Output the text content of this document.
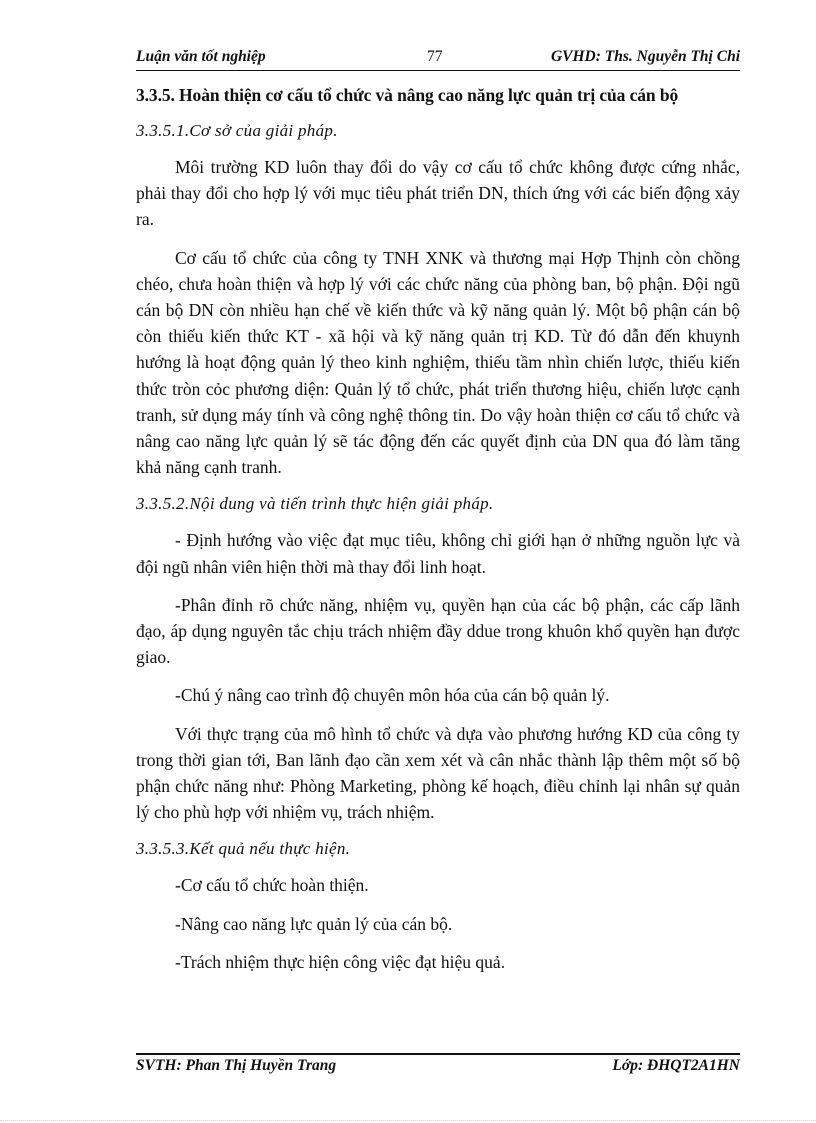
Luận văn tốt nghiệp	77	GVHD: Ths. Nguyễn Thị Chi
3.3.5. Hoàn thiện cơ cấu tổ chức và nâng cao năng lực quản trị của cán bộ

3.3.5.1.Cơ sở của giải pháp.

Môi trường KD luôn thay đổi do vậy cơ cấu tổ chức không được cứng nhắc, phải thay đổi cho hợp lý với mục tiêu phát triển DN, thích ứng với các biến động xảy ra.

Cơ cấu tổ chức của công ty TNH XNK và thương mại Hợp Thịnh còn chồng chéo, chưa hoàn thiện và hợp lý với các chức năng của phòng ban, bộ phận. Đội ngũ cán bộ DN còn nhiều hạn chế về kiến thức và kỹ năng quản lý. Một bộ phận cán bộ còn thiếu kiến thức KT - xã hội và kỹ năng quản trị KD. Từ đó dẫn đến khuynh hướng là hoạt động quản lý theo kinh nghiệm, thiếu tầm nhìn chiến lược, thiếu kiến thức tròn cỏc phương diện: Quản lý tổ chức, phát triển thương hiệu, chiến lược cạnh tranh, sử dụng máy tính và công nghệ thông tin. Do vậy hoàn thiện cơ cấu tổ chức và nâng cao năng lực quản lý sẽ tác động đến các quyết định của DN qua đó làm tăng khả năng cạnh tranh.

3.3.5.2.Nội dung và tiến trình thực hiện giải pháp.

- Định hướng vào việc đạt mục tiêu, không chỉ giới hạn ở những nguồn lực và đội ngũ nhân viên hiện thời mà thay đổi linh hoạt.

-Phân đỉnh rõ chức năng, nhiệm vụ, quyền hạn của các bộ phận, các cấp lãnh đạo, áp dụng nguyên tắc chịu trách nhiệm đầy ddue trong khuôn khổ quyền hạn được giao.

-Chú ý nâng cao trình độ chuyên môn hóa của cán bộ quản lý.

Với thực trạng của mô hình tổ chức và dựa vào phương hướng KD của công ty trong thời gian tới, Ban lãnh đạo cần xem xét và cân nhắc thành lập thêm một số bộ phận chức năng như: Phòng Marketing, phòng kế hoạch, điều chỉnh lại nhân sự quản lý cho phù hợp với nhiệm vụ, trách nhiệm.

3.3.5.3.Kết quả nếu thực hiện.

-Cơ cấu tổ chức hoàn thiện.

-Nâng cao năng lực quản lý của cán bộ.

-Trách nhiệm thực hiện công việc đạt hiệu quả.

SVTH: Phan Thị Huyền Trang	Lớp: ĐHQT2A1HN
